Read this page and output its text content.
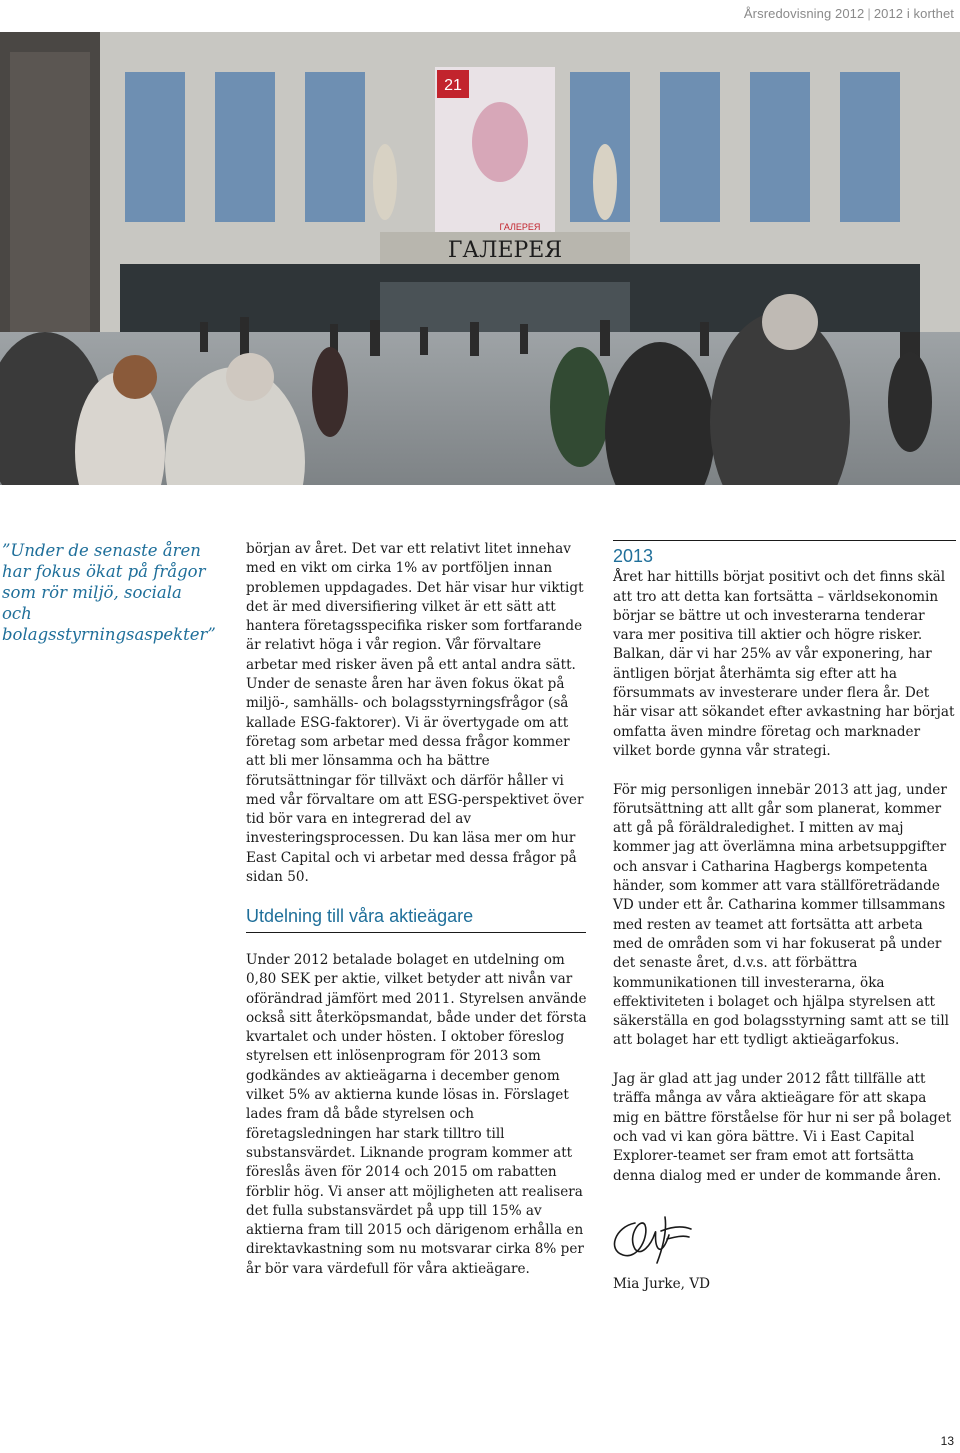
Årsredovisning 2012 | 2012 i korthet
21
ГАЛЕРЕЯ
ГАЛЕРЕЯ
”Under de senaste åren har fokus ökat på frågor som rör miljö, sociala och bolagsstyrningsaspekter”

början av året. Det var ett relativt litet innehav med en vikt om cirka 1% av portföljen innan problemen uppdagades. Det här visar hur viktigt det är med diversifiering vilket är ett sätt att hantera företagsspecifika risker som fortfarande är relativt höga i vår region. Vår förvaltare arbetar med risker även på ett antal andra sätt. Under de senaste åren har även fokus ökat på miljö-, samhälls- och bolagsstyrningsfrågor (så kallade ESG-faktorer). Vi är övertygade om att företag som arbetar med dessa frågor kommer att bli mer lönsamma och ha bättre förutsättningar för tillväxt och därför håller vi med vår förvaltare om att ESG-perspektivet över tid bör vara en integrerad del av investeringsprocessen. Du kan läsa mer om hur East Capital och vi arbetar med dessa frågor på sidan 50.

Utdelning till våra aktieägare

Under 2012 betalade bolaget en utdelning om 0,80 SEK per aktie, vilket betyder att nivån var oförändrad jämfört med 2011. Styrelsen använde också sitt återköpsmandat, både under det första kvartalet och under hösten. I oktober föreslog styrelsen ett inlösenprogram för 2013 som godkändes av aktieägarna i december genom vilket 5% av aktierna kunde lösas in. Förslaget lades fram då både styrelsen och företagsledningen har stark tilltro till substansvärdet. Liknande program kommer att föreslås även för 2014 och 2015 om rabatten förblir hög. Vi anser att möjligheten att realisera det fulla substansvärdet på upp till 15% av aktierna fram till 2015 och därigenom erhålla en direktavkastning som nu motsvarar cirka 8% per år bör vara värdefull för våra aktieägare.

2013

Året har hittills börjat positivt och det finns skäl att tro att detta kan fortsätta – världsekonomin börjar se bättre ut och investerarna tenderar vara mer positiva till aktier och högre risker. Balkan, där vi har 25% av vår exponering, har äntligen börjat återhämta sig efter att ha försummats av investerare under flera år. Det här visar att sökandet efter avkastning har börjat omfatta även mindre företag och marknader vilket borde gynna vår strategi.

För mig personligen innebär 2013 att jag, under förutsättning att allt går som planerat, kommer att gå på föräldraledighet. I mitten av maj kommer jag att överlämna mina arbetsuppgifter och ansvar i Catharina Hagbergs kompetenta händer, som kommer att vara ställföreträdande VD under ett år. Catharina kommer tillsammans med resten av teamet att fortsätta att arbeta med de områden som vi har fokuserat på under det senaste året, d.v.s. att förbättra kommunikationen till investerarna, öka effektiviteten i bolaget och hjälpa styrelsen att säkerställa en god bolagsstyrning samt att se till att bolaget har ett tydligt aktieägarfokus.

Jag är glad att jag under 2012 fått tillfälle att träffa många av våra aktieägare för att skapa mig en bättre förståelse för hur ni ser på bolaget och vad vi kan göra bättre. Vi i East Capital Explorer-teamet ser fram emot att fortsätta denna dialog med er under de kommande åren.

Mia Jurke, VD

13
